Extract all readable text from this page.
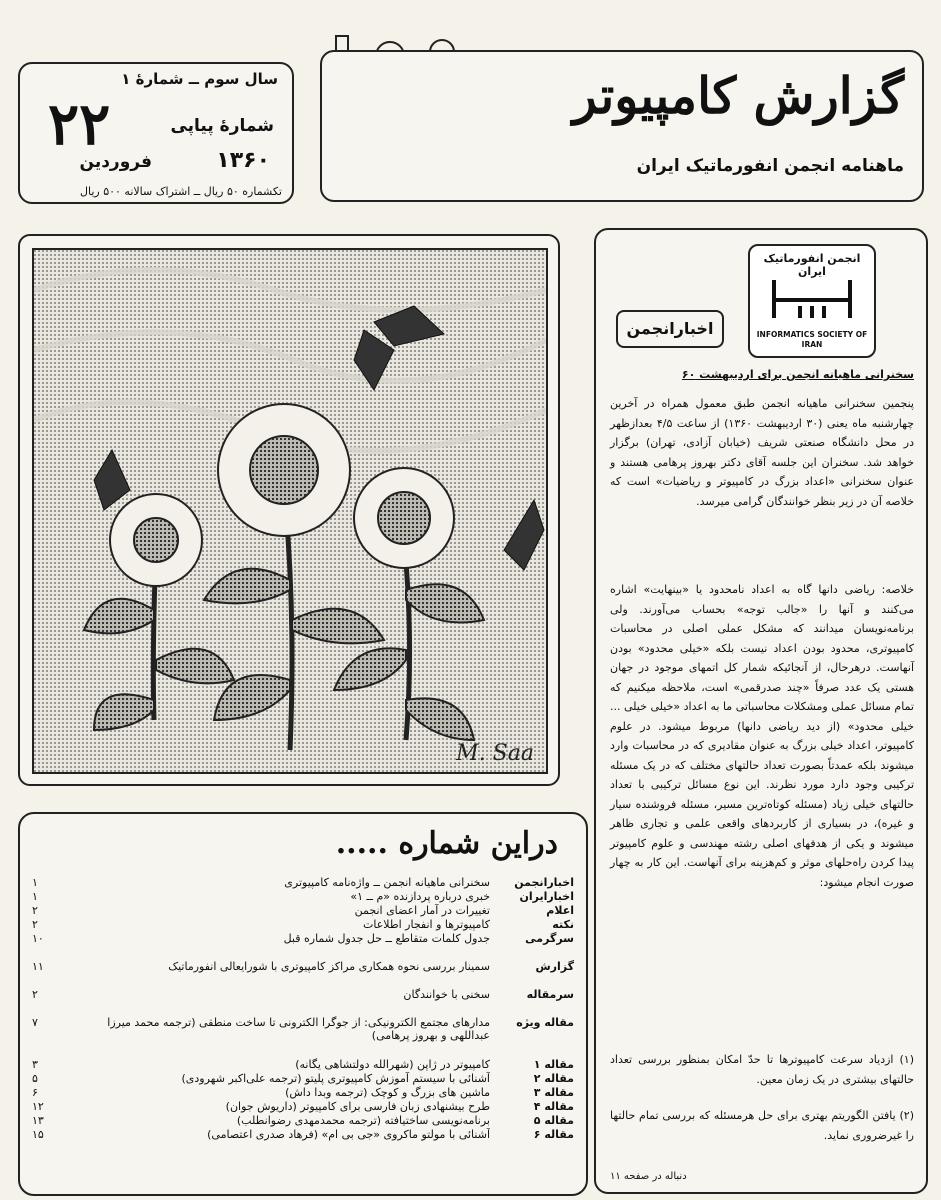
سال سوم ــ شمارهٔ ۱
شمارهٔ پیاپی
۲۲
فروردین	۱۳۶۰
تکشماره ۵۰ ریال ــ اشتراک سالانه ۵۰۰ ریال
گزارش کامپیوتر
ماهنامه انجمن انفورماتیک ایران
M. Saa
دراین شماره .....
اخبارانجمن
سخنرانی ماهیانه انجمن ــ واژه‌نامه کامپیوتری
۱
اخبارایران
خبری درباره پردازنده «م ــ ۱»
۱
اعلام
تغییرات در آمار اعضای انجمن
۲
نکته
کامپیوترها و انفجار اطلاعات
۲
سرگرمی
جدول کلمات متقاطع ــ حل جدول شماره قبل
۱۰
گزارش
سمینار بررسی نحوه همکاری مراکز کامپیوتری با شورایعالی انفورماتیک
۱۱
سرمقاله
سخنی با خوانندگان
۲
مقاله ویژه
مدارهای مجتمع الکترونیکی: از جوگرا الکترونی تا ساخت منطقی (ترجمه محمد میرزا عبداللهی و بهروز پرهامی)
۷
مقاله ۱
کامپیوتر در ژاپن (شهرالله دولتشاهی یگانه)
۳
مقاله ۲
آشنائی با سیستم آموزش کامپیوتری پلیتو (ترجمه علی‌اکبر شهرودی)
۵
مقاله ۳
ماشین های بزرگ و کوچک (ترجمه وبدا داش)
۶
مقاله ۴
طرح بیشنهادی زبان فارسی برای کامپیوتر (داریوش جوان)
۱۲
مقاله ۵
برنامه‌نویسی ساختیافته (ترجمه محمدمهدی رضوانطلب)
۱۳
مقاله ۶
آشنائی با مولتو ماکروی «جی بی ام» (فرهاد صدری اعتصامی)
۱۵
انجمن انفورماتیک ایران
INFORMATICS SOCIETY OF IRAN
اخبارانجمن
سخنرانی ماهیانه انجمن برای اردیبهشت ۶۰
پنجمین سخنرانی ماهیانه انجمن طبق معمول همراه در آخرین چهارشنبه ماه یعنی (۳۰ اردیبهشت ۱۳۶۰) از ساعت ۴/۵ بعدازظهر در محل دانشگاه صنعتی شریف (خیابان آزادی، تهران) برگزار خواهد شد. سخنران این جلسه آقای دکتر بهروز پرهامی هستند و عنوان سخنرانی «اعداد بزرگ در کامپیوتر و ریاضیات» است که خلاصه آن در زیر بنظر خوانندگان گرامی میرسد.
خلاصه: ریاضی دانها گاه به اعداد نامحدود یا «بینهایت» اشاره می‌کنند و آنها را «جالب توجه» بحساب می‌آورند. ولی برنامه‌نویسان میدانند که مشکل عملی اصلی در محاسبات کامپیوتری، محدود بودن اعداد نیست بلکه «خیلی محدود» بودن آنهاست. درهرحال، از آنجائیکه شمار کل اتمهای موجود در جهان هستی یک عدد صرفاً «چند صدرقمی» است، ملاحظه میکنیم که تمام مسائل عملی ومشکلات محاسباتی ما به اعداد «خیلی خیلی ... خیلی محدود» (از دید ریاضی دانها) مربوط میشود. در علوم کامپیوتر، اعداد خیلی بزرگ به عنوان مقادیری که در محاسبات وارد میشوند بلکه عمدتاً بصورت تعداد حالتهای مختلف که در یک مسئله ترکیبی وجود دارد مورد نظرند. این نوع مسائل ترکیبی با تعداد حالتهای خیلی زیاد (مسئله کوتاه‌ترین مسیر، مسئله فروشنده سیار و غیره)، در بسیاری از کاربردهای واقعی علمی و تجاری ظاهر میشوند و یکی از هدفهای اصلی رشته مهندسی و علوم کامپیوتر پیدا کردن راه‌حلهای موثر و کم‌هزینه برای آنهاست. این کار به چهار صورت انجام میشود:
(۱) ازدیاد سرعت کامپیوترها تا حدّ امکان بمنظور بررسی تعداد حالتهای بیشتری در یک زمان معین.
(۲) یافتن الگوریتم بهتری برای حل هرمسئله که بررسی تمام حالتها را غیرضروری نماید.
دنباله در صفحه ۱۱
